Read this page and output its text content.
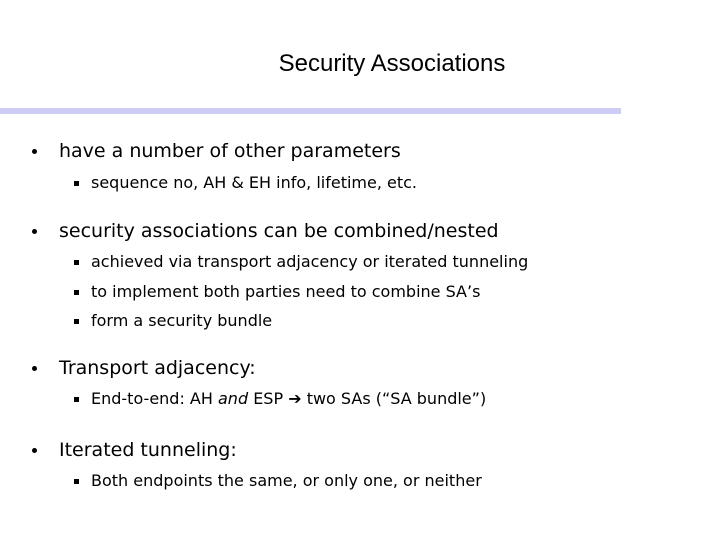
Security Associations
have a number of other parameters
sequence no, AH & EH info, lifetime, etc.
security associations can be combined/nested
achieved via transport adjacency or iterated tunneling
to implement both parties need to combine SA’s
form a security bundle
Transport adjacency:
End-to-end: AH and ESP ➔ two SAs (“SA bundle”)
Iterated tunneling:
Both endpoints the same, or only one, or neither
